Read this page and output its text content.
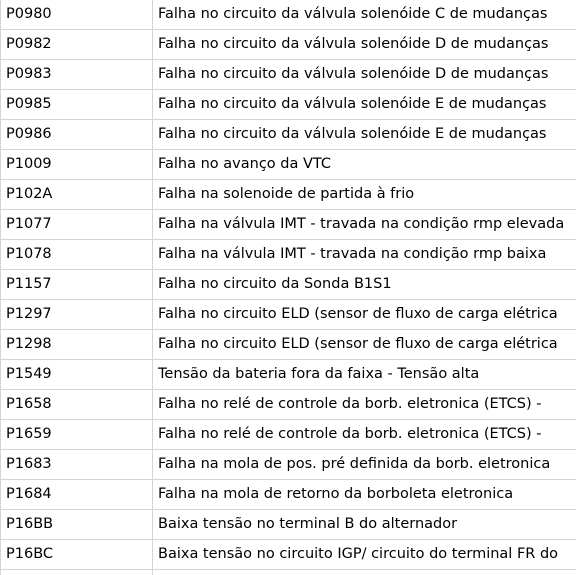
P0980	Falha no circuito da válvula solenóide C de mudanças
P0982	Falha no circuito da válvula solenóide D de mudanças
P0983	Falha no circuito da válvula solenóide D de mudanças
P0985	Falha no circuito da válvula solenóide E de mudanças
P0986	Falha no circuito da válvula solenóide E de mudanças
P1009	Falha no avanço da VTC
P102A	Falha na solenoide de partida à frio
P1077	Falha na válvula IMT - travada na condição rmp elevada
P1078	Falha na válvula IMT - travada na condição rmp baixa
P1157	Falha no circuito da Sonda B1S1
P1297	Falha no circuito ELD (sensor de fluxo de carga elétrica
P1298	Falha no circuito ELD (sensor de fluxo de carga elétrica
P1549	Tensão da bateria fora da faixa - Tensão alta
P1658	Falha no relé de controle da borb. eletronica (ETCS) -
P1659	Falha no relé de controle da borb. eletronica (ETCS) -
P1683	Falha na mola de pos. pré definida da borb. eletronica
P1684	Falha na mola de retorno da borboleta eletronica
P16BB	Baixa tensão no terminal B do alternador
P16BC	Baixa tensão no circuito IGP/ circuito do terminal FR do
